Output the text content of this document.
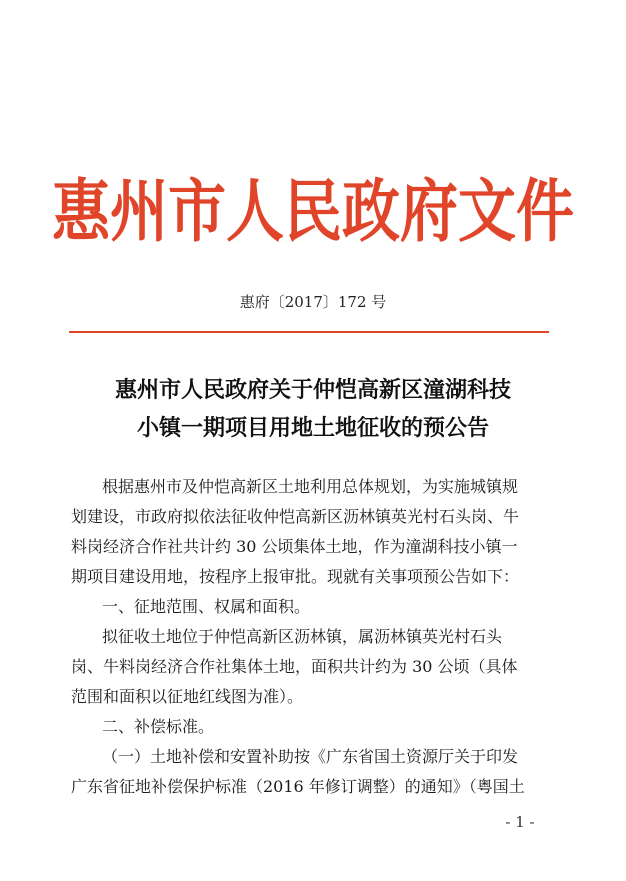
惠州市人民政府文件
惠府〔2017〕172 号
惠州市人民政府关于仲恺高新区潼湖科技
小镇一期项目用地土地征收的预公告
根据惠州市及仲恺高新区土地利用总体规划，为实施城镇规
划建设，市政府拟依法征收仲恺高新区沥林镇英光村石头岗、牛
料岗经济合作社共计约 30 公顷集体土地，作为潼湖科技小镇一
期项目建设用地，按程序上报审批。现就有关事项预公告如下：
一、征地范围、权属和面积。
拟征收土地位于仲恺高新区沥林镇，属沥林镇英光村石头
岗、牛料岗经济合作社集体土地，面积共计约为 30 公顷（具体
范围和面积以征地红线图为准）。
二、补偿标准。
（一）土地补偿和安置补助按《广东省国土资源厅关于印发
广东省征地补偿保护标准（2016 年修订调整）的通知》（粤国土
- 1 -
